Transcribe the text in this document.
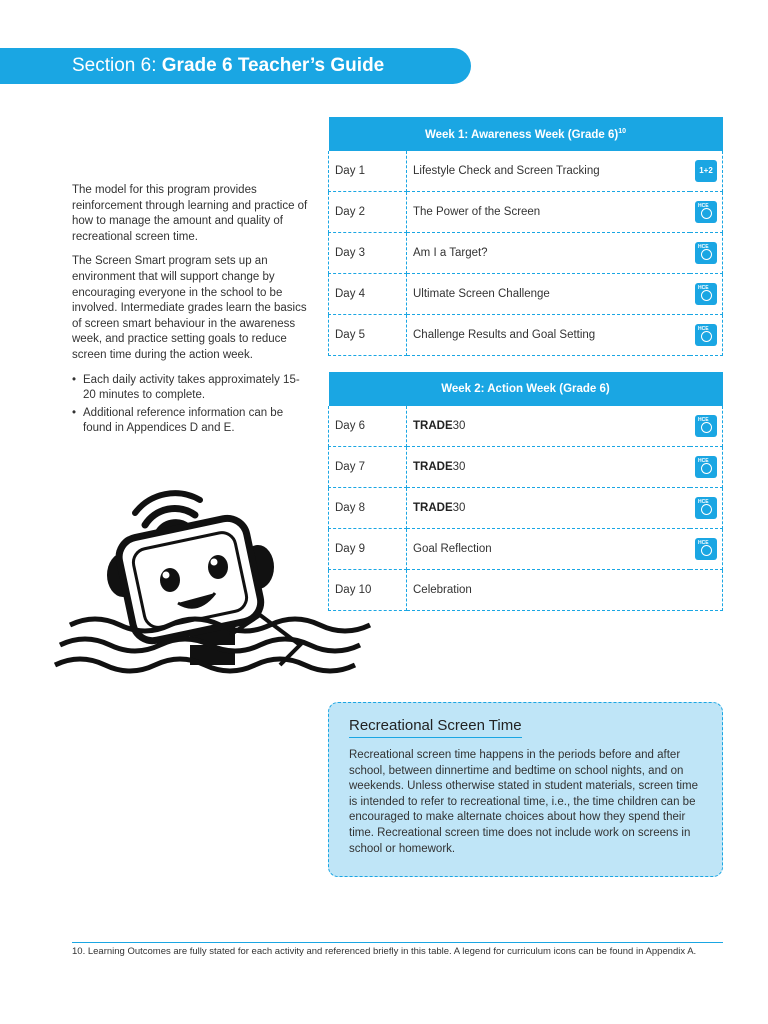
Section 6: Grade 6 Teacher’s Guide

The model for this program provides reinforcement through learning and practice of how to manage the amount and quality of recreational screen time.

The Screen Smart program sets up an environment that will support change by encouraging everyone in the school to be involved. Intermediate grades learn the basics of screen smart behaviour in the awareness week, and practice setting goals to reduce screen time during the action week.

• Each daily activity takes approximately 15-20 minutes to complete.
• Additional reference information can be found in Appendices D and E.
Week 1: Awareness Week (Grade 6)$^{10}$
Day 1	Lifestyle Check and Screen Tracking	1+2
Day 2	The Power of the Screen	HCE

Day 3	Am I a Target?	HCE

Day 4	Ultimate Screen Challenge	HCE

Day 5	Challenge Results and Goal Setting	HCE
Week 2: Action Week (Grade 6)		
Day 6	TRADE30	HCE

Day 7	TRADE30	HCE

Day 8	TRADE30	HCE

Day 9	Goal Reflection	HCE

Day 10	Celebration	
Recreational Screen Time
Recreational screen time happens in the periods before and after school, between dinnertime and bedtime on school nights, and on weekends. Unless otherwise stated in student materials, screen time is intended to refer to recreational time, i.e., the time children can be encouraged to make alternate choices about how they spend their time. Recreational screen time does not include work on screens in school or homework.
10. Learning Outcomes are fully stated for each activity and referenced briefly in this table. A legend for curriculum icons can be found in Appendix A.
